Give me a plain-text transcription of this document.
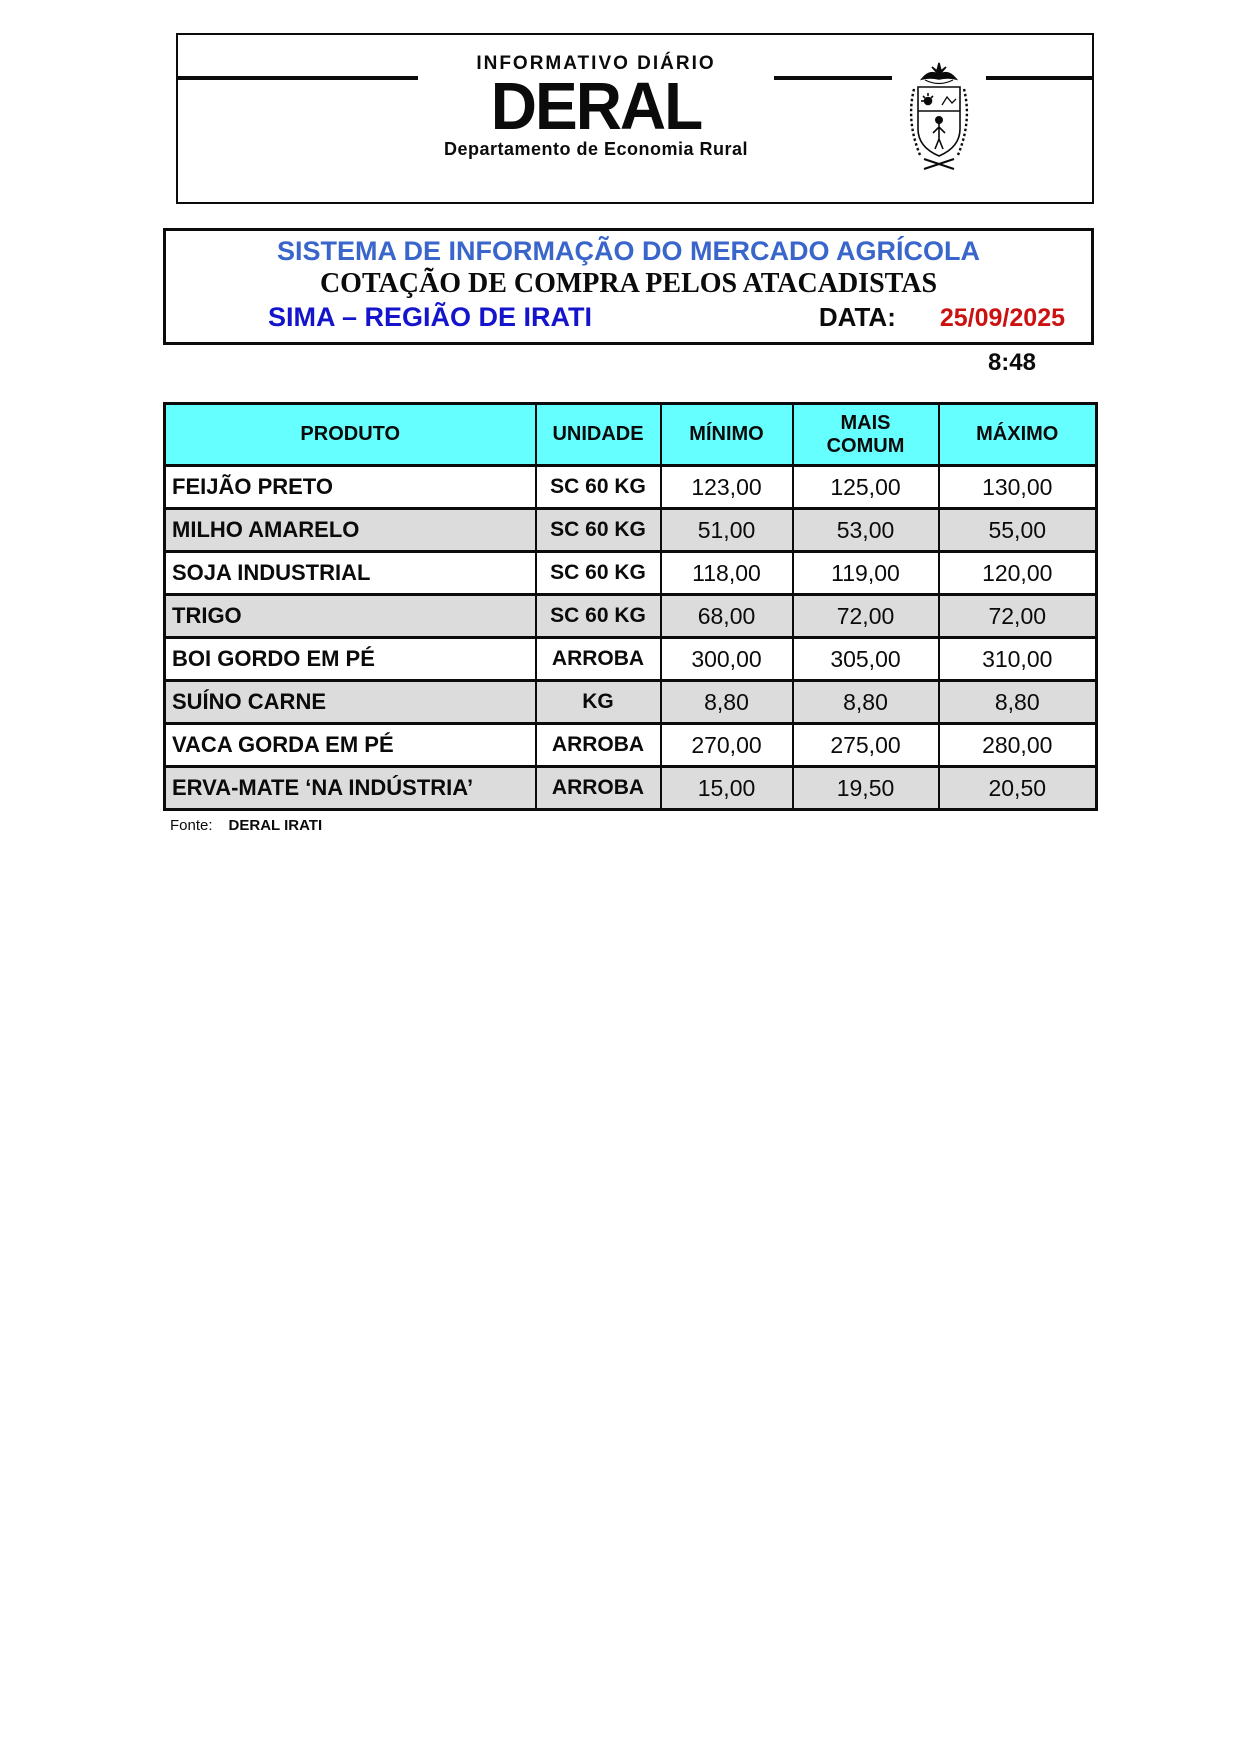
INFORMATIVO DIÁRIO
DERAL
Departamento de Economia Rural
SISTEMA DE INFORMAÇÃO DO MERCADO AGRÍCOLA
COTAÇÃO DE COMPRA PELOS ATACADISTAS
SIMA – REGIÃO DE IRATI	DATA: 25/09/2025
8:48
PRODUTO	UNIDADE	MÍNIMO	MAIS COMUM	MÁXIMO
FEIJÃO PRETO	SC 60 KG	123,00	125,00	130,00
MILHO AMARELO	SC 60 KG	51,00	53,00	55,00
SOJA INDUSTRIAL	SC 60 KG	118,00	119,00	120,00
TRIGO	SC 60 KG	68,00	72,00	72,00
BOI GORDO EM PÉ	ARROBA	300,00	305,00	310,00
SUÍNO CARNE	KG	8,80	8,80	8,80
VACA GORDA EM PÉ	ARROBA	270,00	275,00	280,00
ERVA-MATE ‘NA INDÚSTRIA’	ARROBA	15,00	19,50	20,50
Fonte: DERAL IRATI
